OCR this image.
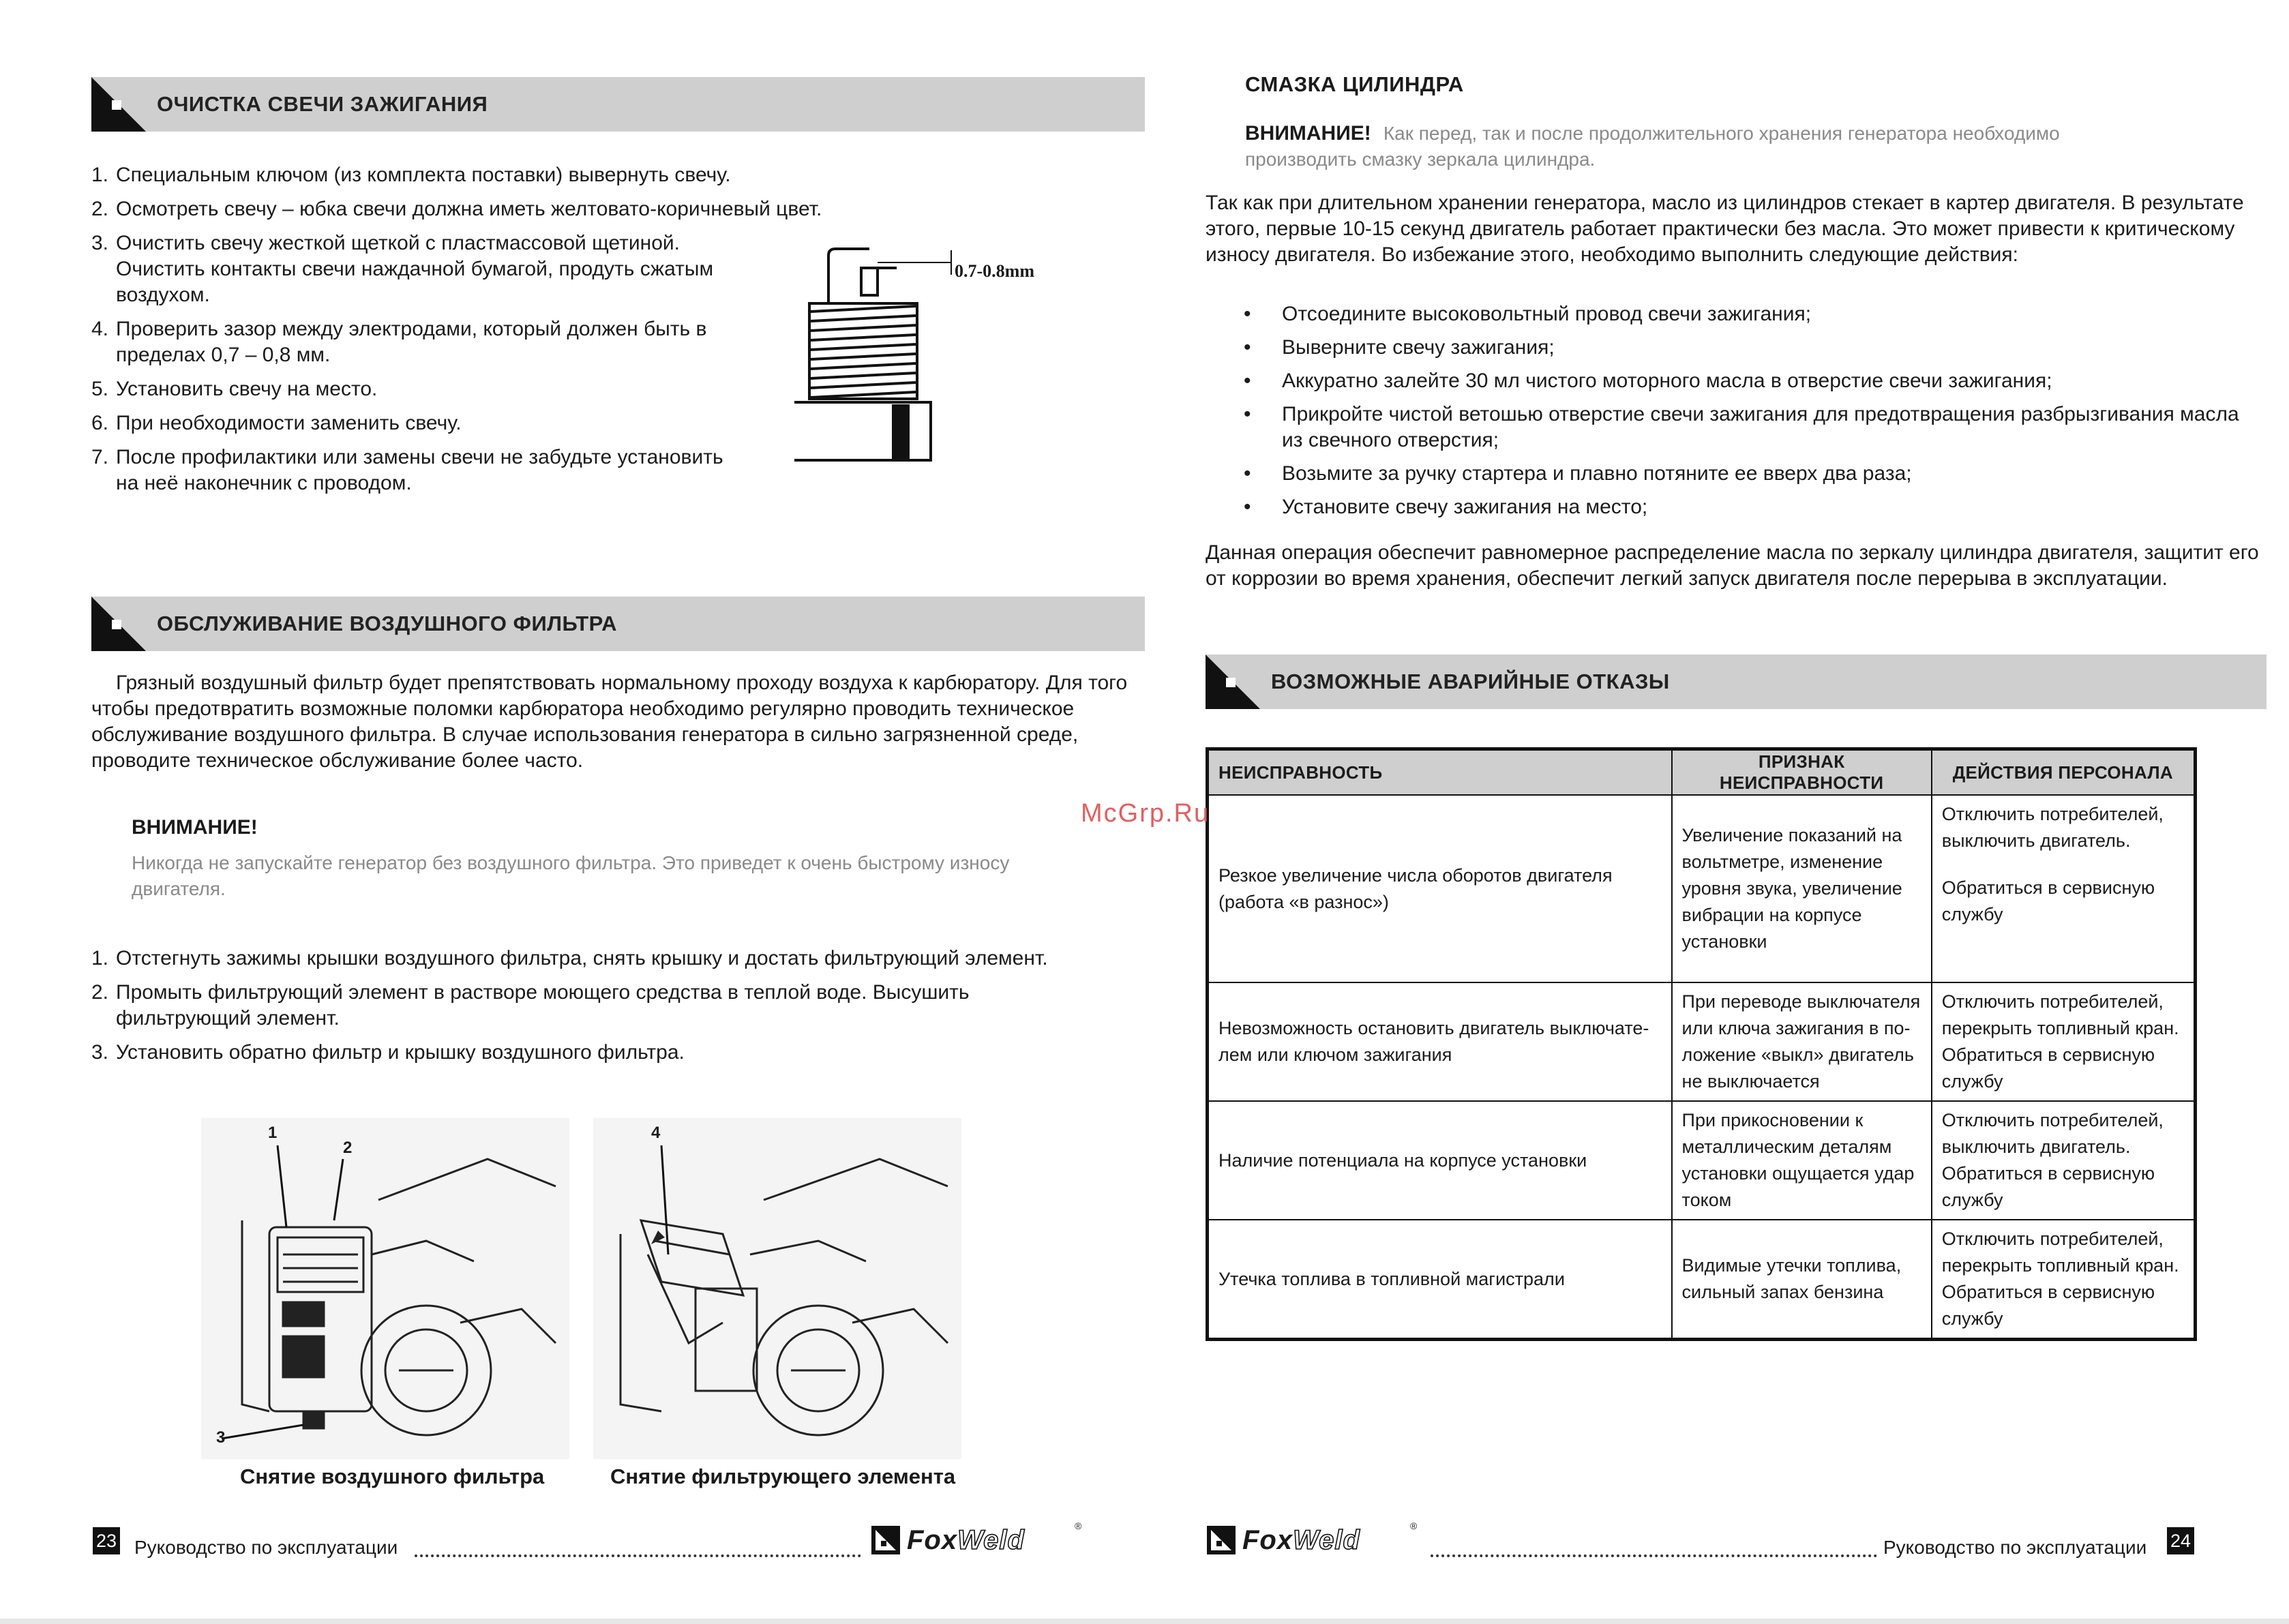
ОЧИСТКА СВЕЧИ ЗАЖИГАНИЯ
1. Специальным ключом (из комплекта поставки) вывернуть свечу.
2. Осмотреть свечу – юбка свечи должна иметь желтовато-коричневый цвет.
3. Очистить свечу жесткой щеткой с пластмассовой щетиной. Очистить контакты свечи наждачной бумагой, продуть сжатым воздухом.
4. Проверить зазор между электродами, который должен быть в пределах 0,7 – 0,8 мм.
5. Установить свечу на место.
6. При необходимости заменить свечу.
7. После профилактики или замены свечи не забудьте установить на неё наконечник с проводом.
0.7-0.8mm
ОБСЛУЖИВАНИЕ ВОЗДУШНОГО ФИЛЬТРА
Грязный воздушный фильтр будет препятствовать нормальному проходу воздуха к карбюратору. Для того чтобы предотвратить возможные поломки карбюратора необходимо регулярно проводить техническое обслуживание воздушного фильтра. В случае использования генератора в сильно загрязненной среде, проводите техническое обслуживание более часто.
ВНИМАНИЕ!
Никогда не запускайте генератор без воздушного фильтра. Это приведет к очень быстрому износу двигателя.
1. Отстегнуть зажимы крышки воздушного фильтра, снять крышку и достать фильтрующий элемент.
2. Промыть фильтрующий элемент в растворе моющего средства в теплой воде. Высушить фильтрующий элемент.
3. Установить обратно фильтр и крышку воздушного фильтра.
1
2
3
4
Снятие воздушного фильтра	Снятие фильтрующего элемента
23 Руководство по эксплуатации	FoxWeld	®
СМАЗКА ЦИЛИНДРА
ВНИМАНИЕ! Как перед, так и после продолжительного хранения генератора необходимо
производить смазку зеркала цилиндра.
Так как при длительном хранении генератора, масло из цилиндров стекает в картер двигателя. В результате этого, первые 10-15 секунд двигатель работает практически без масла. Это может привести к критическому износу двигателя. Во избежание этого, необходимо выполнить следующие действия:
• Отсоедините высоковольтный провод свечи зажигания;
• Выверните свечу зажигания;
• Аккуратно залейте 30 мл чистого моторного масла в отверстие свечи зажигания;
• Прикройте чистой ветошью отверстие свечи зажигания для предотвращения разбрызгивания масла из свечного отверстия;
• Возьмите за ручку стартера и плавно потяните ее вверх два раза;
• Установите свечу зажигания на место;
Данная операция обеспечит равномерное распределение масла по зеркалу цилиндра двигателя, защитит его от коррозии во время хранения, обеспечит легкий запуск двигателя после перерыва в эксплуатации.
ВОЗМОЖНЫЕ АВАРИЙНЫЕ ОТКАЗЫ
НЕИСПРАВНОСТЬ	ПРИЗНАК НЕИСПРАВНОСТИ	ДЕЙСТВИЯ ПЕРСОНАЛА
Резкое увеличение числа оборотов двигателя (работа «в разнос»)	Увеличение показаний на вольтметре, изменение уровня звука, увеличение вибрации на корпусе установки	Отключить потребителей, выключить двигатель.
Обратиться в сервисную службу

Невозможность остановить двигатель выключате-лем или ключом зажигания	При переводе выключателя или ключа зажигания в по-ложение «выкл» двигатель не выключается	Отключить потребителей, перекрыть топливный кран. Обратиться в сервисную службу
Наличие потенциала на корпусе установки	При прикосновении к металлическим деталям установки ощущается удар током	Отключить потребителей, выключить двигатель. Обратиться в сервисную службу
Утечка топлива в топливной магистрали	Видимые утечки топлива, сильный запах бензина	Отключить потребителей, перекрыть топливный кран. Обратиться в сервисную службу
FoxWeld	®
Руководство по эксплуатации 24
McGrp.Ru
